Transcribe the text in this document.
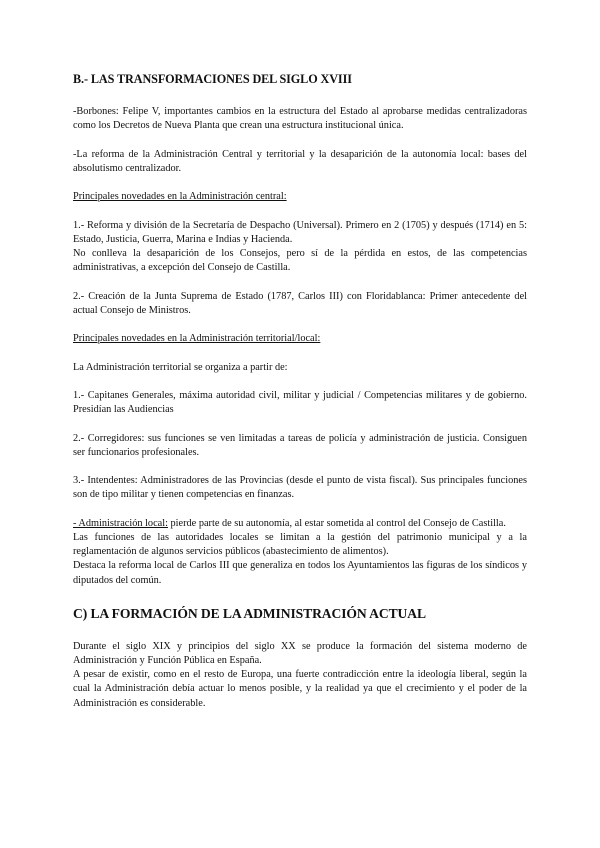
B.- LAS TRANSFORMACIONES DEL SIGLO XVIII

-Borbones: Felipe V, importantes cambios en la estructura del Estado al aprobarse medidas centralizadoras como los Decretos de Nueva Planta que crean una estructura institucional única.

-La reforma de la Administración Central y territorial y la desaparición de la autonomía local: bases del absolutismo centralizador.

Principales novedades en la Administración central:

1.- Reforma y división de la Secretaría de Despacho (Universal). Primero en 2 (1705) y después (1714) en 5: Estado, Justicia, Guerra, Marina e Indias y Hacienda.

No conlleva la desaparición de los Consejos, pero sí de la pérdida en estos, de las competencias administrativas, a excepción del Consejo de Castilla.

2.- Creación de la Junta Suprema de Estado (1787, Carlos III) con Floridablanca: Primer antecedente del actual Consejo de Ministros.

Principales novedades en la Administración territorial/local:

La Administración territorial se organiza a partir de:

1.- Capitanes Generales, máxima autoridad civil, militar y judicial / Competencias militares y de gobierno. Presidían las Audiencias

2.- Corregidores: sus funciones se ven limitadas a tareas de policía y administración de justicia. Consiguen ser funcionarios profesionales.

3.- Intendentes: Administradores de las Provincias (desde el punto de vista fiscal). Sus principales funciones son de tipo militar y tienen competencias en finanzas.

- Administración local: pierde parte de su autonomía, al estar sometida al control del Consejo de Castilla.

Las funciones de las autoridades locales se limitan a la gestión del patrimonio municipal y a la reglamentación de algunos servicios públicos (abastecimiento de alimentos).

Destaca la reforma local de Carlos III que generaliza en todos los Ayuntamientos las figuras de los síndicos y diputados del común.

C) LA FORMACIÓN DE LA ADMINISTRACIÓN ACTUAL

Durante el siglo XIX y principios del siglo XX se produce la formación del sistema moderno de Administración y Función Pública en España.

A pesar de existir, como en el resto de Europa, una fuerte contradicción entre la ideología liberal, según la cual la Administración debía actuar lo menos posible, y la realidad ya que el crecimiento y el poder de la Administración es considerable.
